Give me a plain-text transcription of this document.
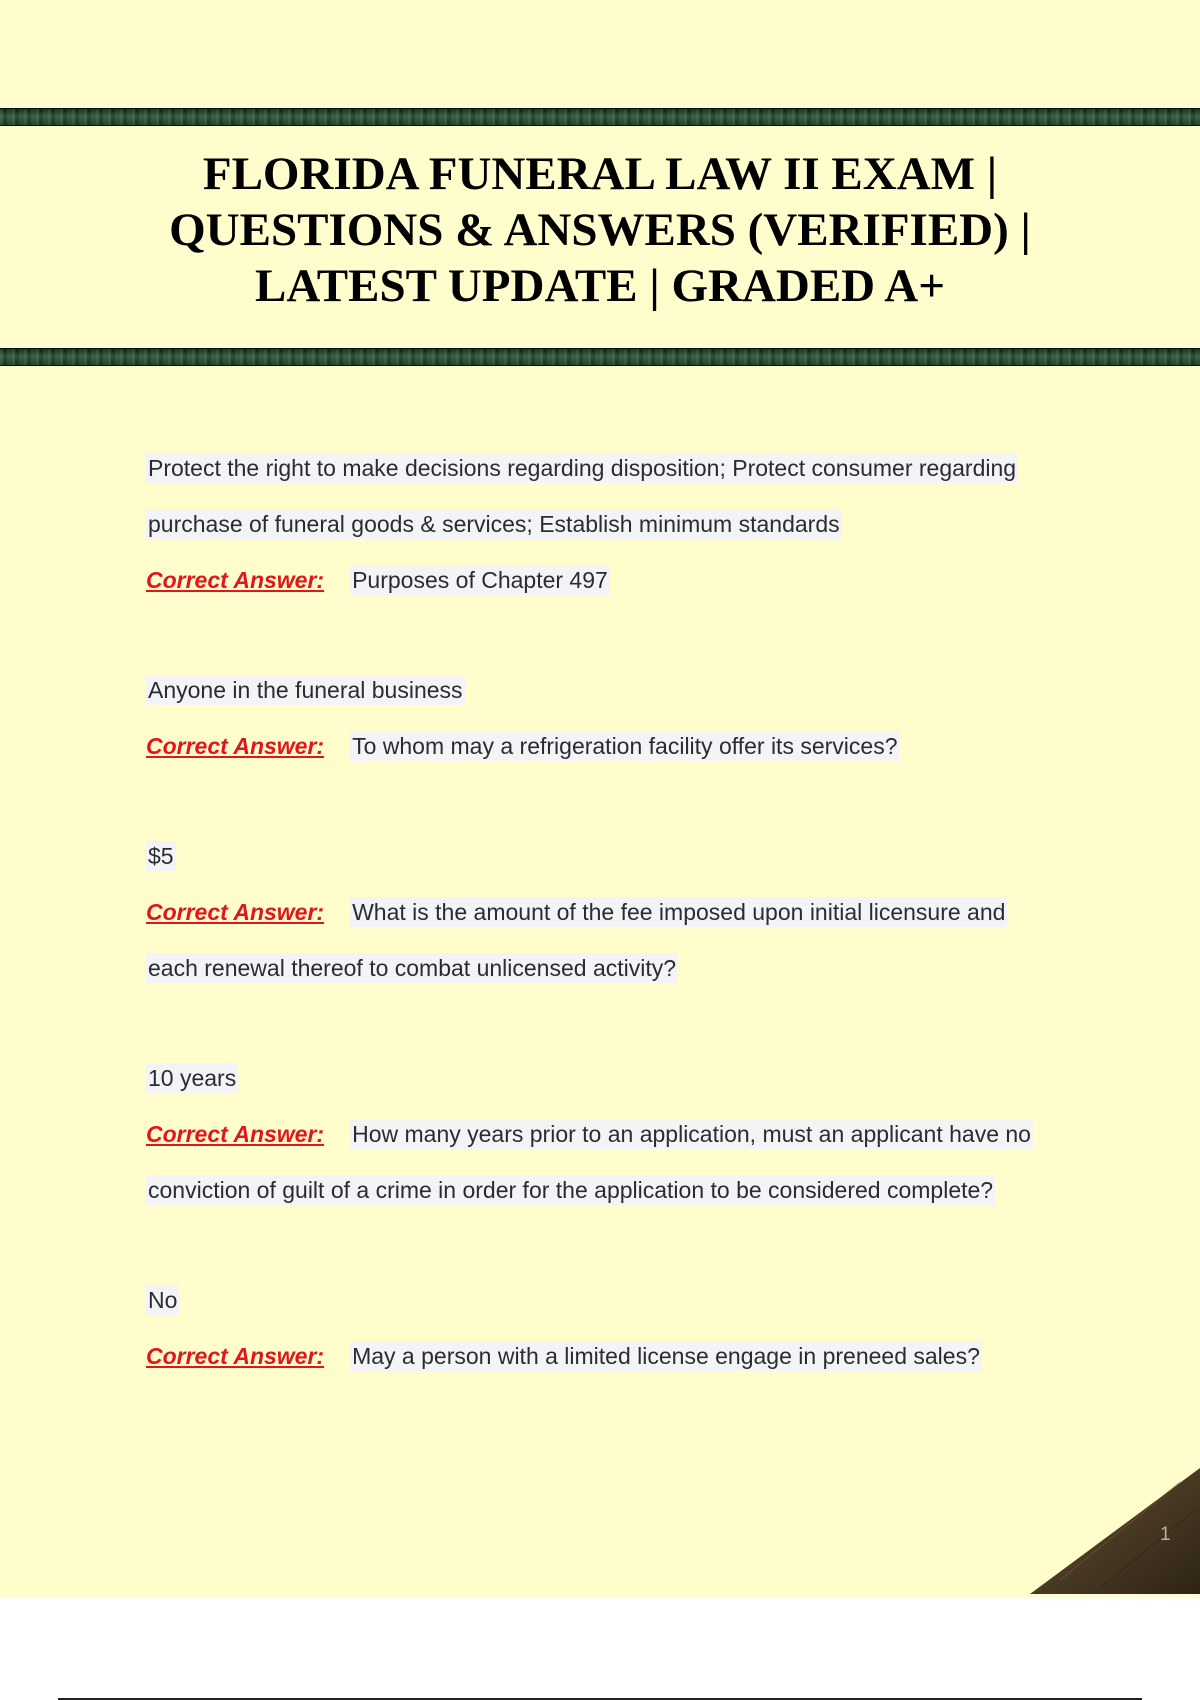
FLORIDA FUNERAL LAW II EXAM |
QUESTIONS & ANSWERS (VERIFIED) |
LATEST UPDATE | GRADED A+
Protect the right to make decisions regarding disposition; Protect consumer regarding
purchase of funeral goods & services; Establish minimum standards
Correct Answer: Purposes of Chapter 497
Anyone in the funeral business
Correct Answer: To whom may a refrigeration facility offer its services?
$5
Correct Answer: What is the amount of the fee imposed upon initial licensure and
each renewal thereof to combat unlicensed activity?
10 years
Correct Answer: How many years prior to an application, must an applicant have no
conviction of guilt of a crime in order for the application to be considered complete?
No
Correct Answer: May a person with a limited license engage in preneed sales?
1
